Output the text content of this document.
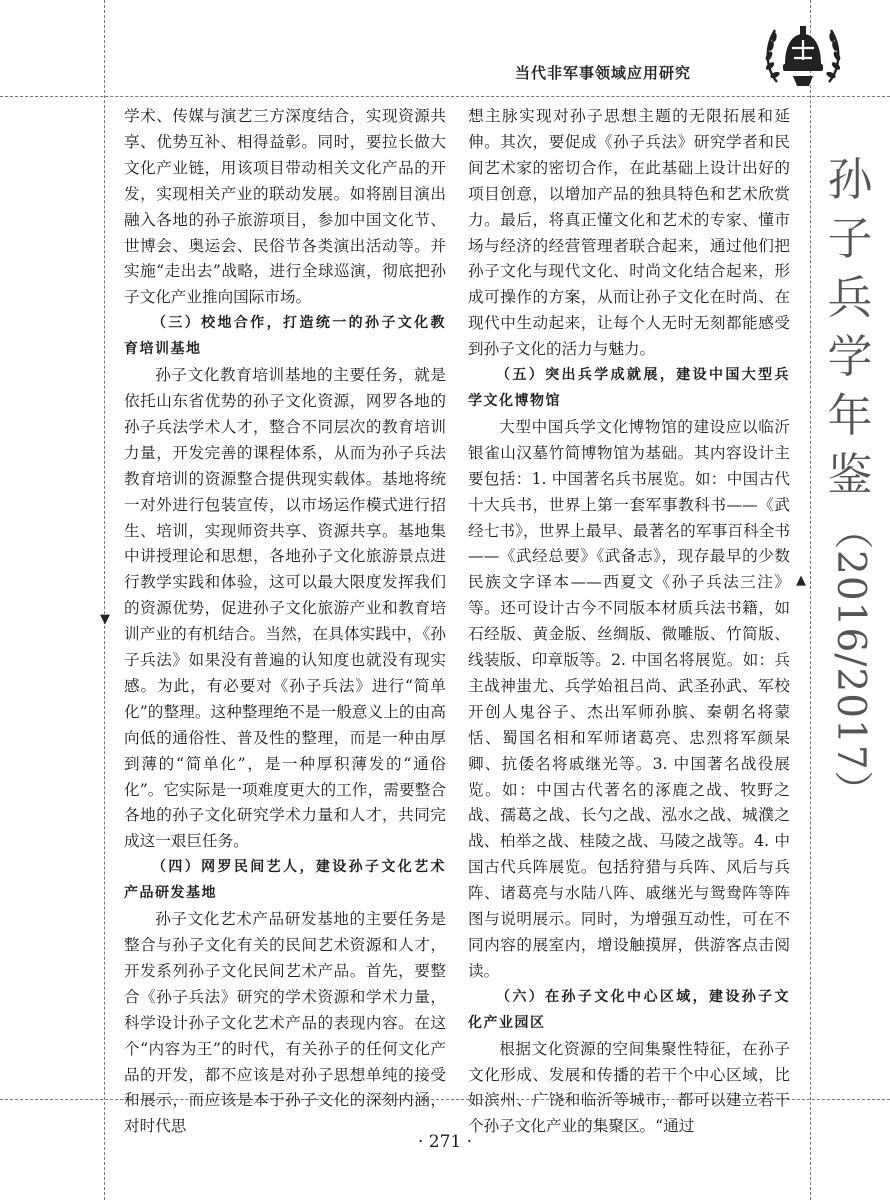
当代非军事领域应用研究

学术、传媒与演艺三方深度结合，实现资源共享、优势互补、相得益彰。同时，要拉长做大文化产业链，用该项目带动相关文化产品的开发，实现相关产业的联动发展。如将剧目演出融入各地的孙子旅游项目，参加中国文化节、世博会、奥运会、民俗节各类演出活动等。并实施“走出去”战略，进行全球巡演，彻底把孙子文化产业推向国际市场。

（三）校地合作，打造统一的孙子文化教育培训基地

孙子文化教育培训基地的主要任务，就是依托山东省优势的孙子文化资源，网罗各地的孙子兵法学术人才，整合不同层次的教育培训力量，开发完善的课程体系，从而为孙子兵法教育培训的资源整合提供现实载体。基地将统一对外进行包装宣传，以市场运作模式进行招生、培训，实现师资共享、资源共享。基地集中讲授理论和思想，各地孙子文化旅游景点进行教学实践和体验，这可以最大限度发挥我们的资源优势，促进孙子文化旅游产业和教育培训产业的有机结合。当然，在具体实践中，《孙子兵法》如果没有普遍的认知度也就没有现实感。为此，有必要对《孙子兵法》进行“简单化”的整理。这种整理绝不是一般意义上的由高向低的通俗性、普及性的整理，而是一种由厚到薄的“简单化”，是一种厚积薄发的“通俗化”。它实际是一项难度更大的工作，需要整合各地的孙子文化研究学术力量和人才，共同完成这一艰巨任务。

（四）网罗民间艺人，建设孙子文化艺术产品研发基地

孙子文化艺术产品研发基地的主要任务是整合与孙子文化有关的民间艺术资源和人才，开发系列孙子文化民间艺术产品。首先，要整合《孙子兵法》研究的学术资源和学术力量，科学设计孙子文化艺术产品的表现内容。在这个“内容为王”的时代，有关孙子的任何文化产品的开发，都不应该是对孙子思想单纯的接受和展示，而应该是本于孙子文化的深刻内涵，对时代思

想主脉实现对孙子思想主题的无限拓展和延伸。其次，要促成《孙子兵法》研究学者和民间艺术家的密切合作，在此基础上设计出好的项目创意，以增加产品的独具特色和艺术欣赏力。最后，将真正懂文化和艺术的专家、懂市场与经济的经营管理者联合起来，通过他们把孙子文化与现代文化、时尚文化结合起来，形成可操作的方案，从而让孙子文化在时尚、在现代中生动起来，让每个人无时无刻都能感受到孙子文化的活力与魅力。

（五）突出兵学成就展，建设中国大型兵学文化博物馆

大型中国兵学文化博物馆的建设应以临沂银雀山汉墓竹简博物馆为基础。其内容设计主要包括：1. 中国著名兵书展览。如：中国古代十大兵书，世界上第一套军事教科书——《武经七书》，世界上最早、最著名的军事百科全书——《武经总要》《武备志》，现存最早的少数民族文字译本——西夏文《孙子兵法三注》等。还可设计古今不同版本材质兵法书籍，如石经版、黄金版、丝绸版、微雕版、竹简版、线装版、印章版等。2. 中国名将展览。如：兵主战神蚩尤、兵学始祖吕尚、武圣孙武、军校开创人鬼谷子、杰出军师孙膑、秦朝名将蒙恬、蜀国名相和军师诸葛亮、忠烈将军颜杲卿、抗倭名将戚继光等。3. 中国著名战役展览。如：中国古代著名的涿鹿之战、牧野之战、孺葛之战、长勺之战、泓水之战、城濮之战、柏举之战、桂陵之战、马陵之战等。4. 中国古代兵阵展览。包括狩猎与兵阵、风后与兵阵、诸葛亮与水陆八阵、戚继光与鸳鸯阵等阵图与说明展示。同时，为增强互动性，可在不同内容的展室内，增设触摸屏，供游客点击阅读。

（六）在孙子文化中心区域，建设孙子文化产业园区

根据文化资源的空间集聚性特征，在孙子文化形成、发展和传播的若干个中心区域，比如滨州、广饶和临沂等城市，都可以建立若干个孙子文化产业的集聚区。“通过

孙
子
兵
学
年
鉴
（2016/2017）
▼
▲
· 271 ·
